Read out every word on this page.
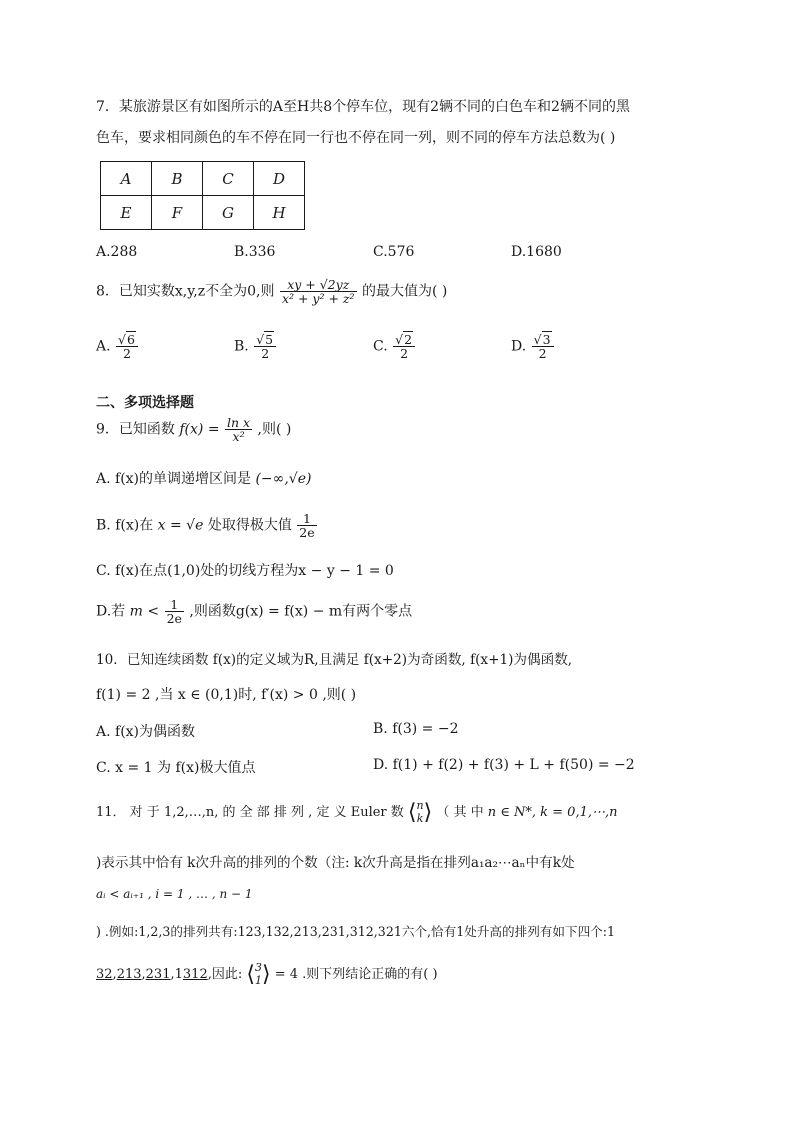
7．某旅游景区有如图所示的A至H共8个停车位，现有2辆不同的白色车和2辆不同的黑
色车，要求相同颜色的车不停在同一行也不停在同一列，则不同的停车方法总数为( )
A	B	C	D
E	F	G	H
A.288	B.336	C.576	D.1680
8．已知实数x,y,z不全为0,则 $\frac{xy + √2yz}{\text{x² + y² + z²}}$ 的最大值为( )
A. $\frac{√6}{2}$	B. $\frac{√5}{2}$	C. $\frac{√2}{2}$	D. $\frac{√3}{2}$
二、多项选择题
9．已知函数 $f(x) = \frac{\text{ln x}}{\text{x²}}$ ,则( )
A. f(x)的单调递增区间是 (−∞,√e)
B. f(x)在 x = √e 处取得极大值 $\frac{1}{2e}$
C. f(x)在点(1,0)处的切线方程为x − y − 1 = 0
D.若 $m < \frac{1}{2e}$ ,则函数g(x) = f(x) − m有两个零点
10．已知连续函数 f(x)的定义域为R,且满足 f(x+2)为奇函数, f(x+1)为偶函数,
f(1) = 2 ,当 x ∈ (0,1)时, f′(x) > 0 ,则( )
A. f(x)为偶函数	B. f(3) = −2
C. x = 1 为 f(x)极大值点	D. f(1) + f(2) + f(3) + L + f(50) = −2
11． 对 于 1,2,…,n, 的 全 部 排 列 , 定 义 Euler 数 ⟨ n
k ⟩ （ 其 中 n ∈ N*, k = 0,1,⋯,n
)表示其中恰有 k次升高的排列的个数（注: k次升高是指在排列a₁a₂⋯aₙ中有k处
aᵢ < aᵢ₊₁ , i = 1 , … , n − 1
) .例如:1,2,3的排列共有:123,132,213,231,312,321六个,恰有1处升高的排列有如下四个:1
32,213,231,1312,因此: ⟨ 3
1 ⟩ = 4 .则下列结论正确的有( )
